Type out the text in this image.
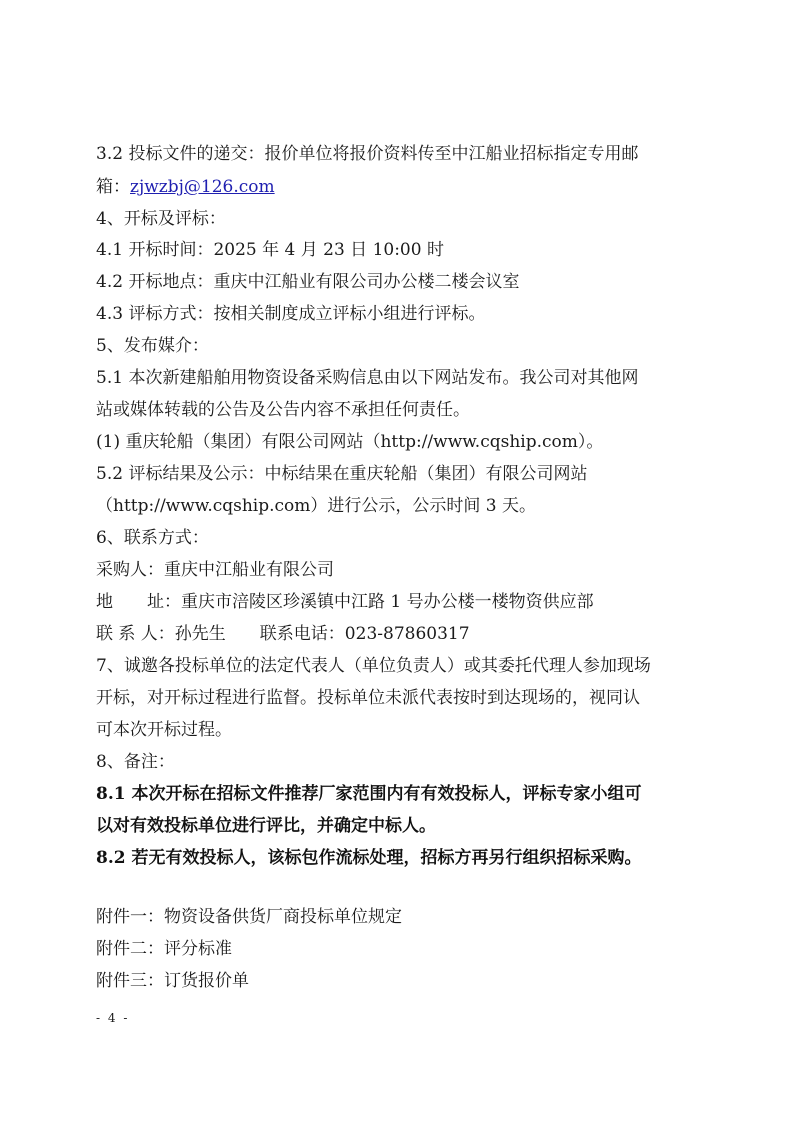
3.2 投标文件的递交：报价单位将报价资料传至中江船业招标指定专用邮
箱：zjwzbj@126.com
4、开标及评标：
4.1 开标时间：2025 年 4 月 23 日 10:00 时
4.2 开标地点：重庆中江船业有限公司办公楼二楼会议室
4.3 评标方式：按相关制度成立评标小组进行评标。
5、发布媒介：
5.1 本次新建船舶用物资设备采购信息由以下网站发布。我公司对其他网
站或媒体转载的公告及公告内容不承担任何责任。
(1) 重庆轮船（集团）有限公司网站（http://www.cqship.com）。
5.2 评标结果及公示：中标结果在重庆轮船（集团）有限公司网站
（http://www.cqship.com）进行公示，公示时间 3 天。
6、联系方式：
采购人：重庆中江船业有限公司
地　　址：重庆市涪陵区珍溪镇中江路 1 号办公楼一楼物资供应部
联 系 人：孙先生　　联系电话：023-87860317
7、诚邀各投标单位的法定代表人（单位负责人）或其委托代理人参加现场
开标，对开标过程进行监督。投标单位未派代表按时到达现场的，视同认
可本次开标过程。
8、备注：
8.1 本次开标在招标文件推荐厂家范围内有有效投标人，评标专家小组可
以对有效投标单位进行评比，并确定中标人。
8.2 若无有效投标人，该标包作流标处理，招标方再另行组织招标采购。
附件一：物资设备供货厂商投标单位规定
附件二：评分标准
附件三：订货报价单
- 4 -
